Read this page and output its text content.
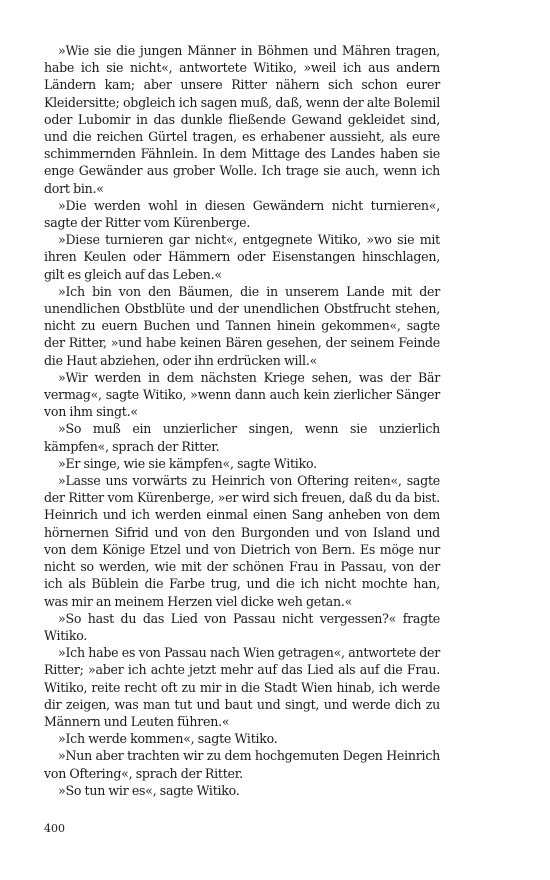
»Wie sie die jungen Männer in Böhmen und Mähren tragen, habe ich sie nicht«, antwortete Witiko, »weil ich aus andern Ländern kam; aber unsere Ritter nähern sich schon eurer Kleidersitte; obgleich ich sagen muß, daß, wenn der alte Bolemil oder Lubomir in das dunkle fließende Gewand gekleidet sind, und die reichen Gürtel tragen, es erhabener aussieht, als eure schimmernden Fähnlein. In dem Mittage des Landes haben sie enge Gewänder aus grober Wolle. Ich trage sie auch, wenn ich dort bin.«

»Die werden wohl in diesen Gewändern nicht turnieren«, sagte der Ritter vom Kürenberge.

»Diese turnieren gar nicht«, entgegnete Witiko, »wo sie mit ihren Keulen oder Hämmern oder Eisenstangen hinschlagen, gilt es gleich auf das Leben.«

»Ich bin von den Bäumen, die in unserem Lande mit der unendlichen Obstblüte und der unendlichen Obstfrucht stehen, nicht zu euern Buchen und Tannen hinein gekommen«, sagte der Ritter, »und habe keinen Bären gesehen, der seinem Feinde die Haut abziehen, oder ihn erdrücken will.«

»Wir werden in dem nächsten Kriege sehen, was der Bär vermag«, sagte Witiko, »wenn dann auch kein zierlicher Sänger von ihm singt.«

»So muß ein unzierlicher singen, wenn sie unzierlich kämpfen«, sprach der Ritter.

»Er singe, wie sie kämpfen«, sagte Witiko.

»Lasse uns vorwärts zu Heinrich von Oftering reiten«, sagte der Ritter vom Kürenberge, »er wird sich freuen, daß du da bist. Heinrich und ich werden einmal einen Sang anheben von dem hörnernen Sifrid und von den Burgonden und von Island und von dem Könige Etzel und von Dietrich von Bern. Es möge nur nicht so werden, wie mit der schönen Frau in Passau, von der ich als Büblein die Farbe trug, und die ich nicht mochte han, was mir an meinem Herzen viel dicke weh getan.«

»So hast du das Lied von Passau nicht vergessen?« fragte Witiko.

»Ich habe es von Passau nach Wien getragen«, antwortete der Ritter; »aber ich achte jetzt mehr auf das Lied als auf die Frau. Witiko, reite recht oft zu mir in die Stadt Wien hinab, ich werde dir zeigen, was man tut und baut und singt, und werde dich zu Männern und Leuten führen.«

»Ich werde kommen«, sagte Witiko.

»Nun aber trachten wir zu dem hochgemuten Degen Heinrich von Oftering«, sprach der Ritter.

»So tun wir es«, sagte Witiko.

400
